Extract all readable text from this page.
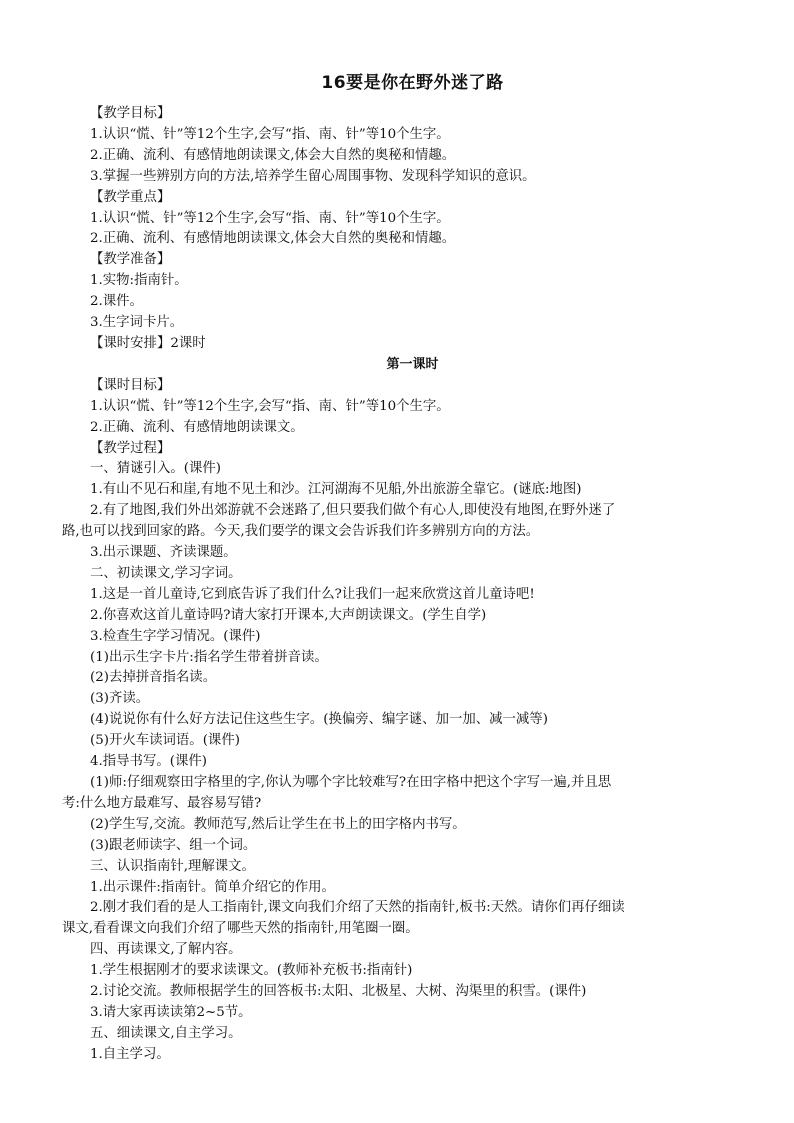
16要是你在野外迷了路
【教学目标】
1.认识“慌、针”等12个生字,会写“指、南、针”等10个生字。
2.正确、流利、有感情地朗读课文,体会大自然的奥秘和情趣。
3.掌握一些辨别方向的方法,培养学生留心周围事物、发现科学知识的意识。
【教学重点】
1.认识“慌、针”等12个生字,会写“指、南、针”等10个生字。
2.正确、流利、有感情地朗读课文,体会大自然的奥秘和情趣。
【教学准备】
1.实物:指南针。
2.课件。
3.生字词卡片。
【课时安排】2课时
第一课时
【课时目标】
1.认识“慌、针”等12个生字,会写“指、南、针”等10个生字。
2.正确、流利、有感情地朗读课文。
【教学过程】
一、猜谜引入。(课件)
1.有山不见石和崖,有地不见土和沙。江河湖海不见船,外出旅游全靠它。(谜底:地图)
2.有了地图,我们外出郊游就不会迷路了,但只要我们做个有心人,即使没有地图,在野外迷了
路,也可以找到回家的路。今天,我们要学的课文会告诉我们许多辨别方向的方法。
3.出示课题、齐读课题。
二、初读课文,学习字词。
1.这是一首儿童诗,它到底告诉了我们什么?让我们一起来欣赏这首儿童诗吧!
2.你喜欢这首儿童诗吗?请大家打开课本,大声朗读课文。(学生自学)
3.检查生字学习情况。(课件)
(1)出示生字卡片:指名学生带着拼音读。
(2)去掉拼音指名读。
(3)齐读。
(4)说说你有什么好方法记住这些生字。(换偏旁、编字谜、加一加、减一减等)
(5)开火车读词语。(课件)
4.指导书写。(课件)
(1)师:仔细观察田字格里的字,你认为哪个字比较难写?在田字格中把这个字写一遍,并且思
考:什么地方最难写、最容易写错?
(2)学生写,交流。教师范写,然后让学生在书上的田字格内书写。
(3)跟老师读字、组一个词。
三、认识指南针,理解课文。
1.出示课件:指南针。简单介绍它的作用。
2.刚才我们看的是人工指南针,课文向我们介绍了天然的指南针,板书:天然。请你们再仔细读
课文,看看课文向我们介绍了哪些天然的指南针,用笔圈一圈。
四、再读课文,了解内容。
1.学生根据刚才的要求读课文。(教师补充板书:指南针)
2.讨论交流。教师根据学生的回答板书:太阳、北极星、大树、沟渠里的积雪。(课件)
3.请大家再读读第2~5节。
五、细读课文,自主学习。
1.自主学习。
